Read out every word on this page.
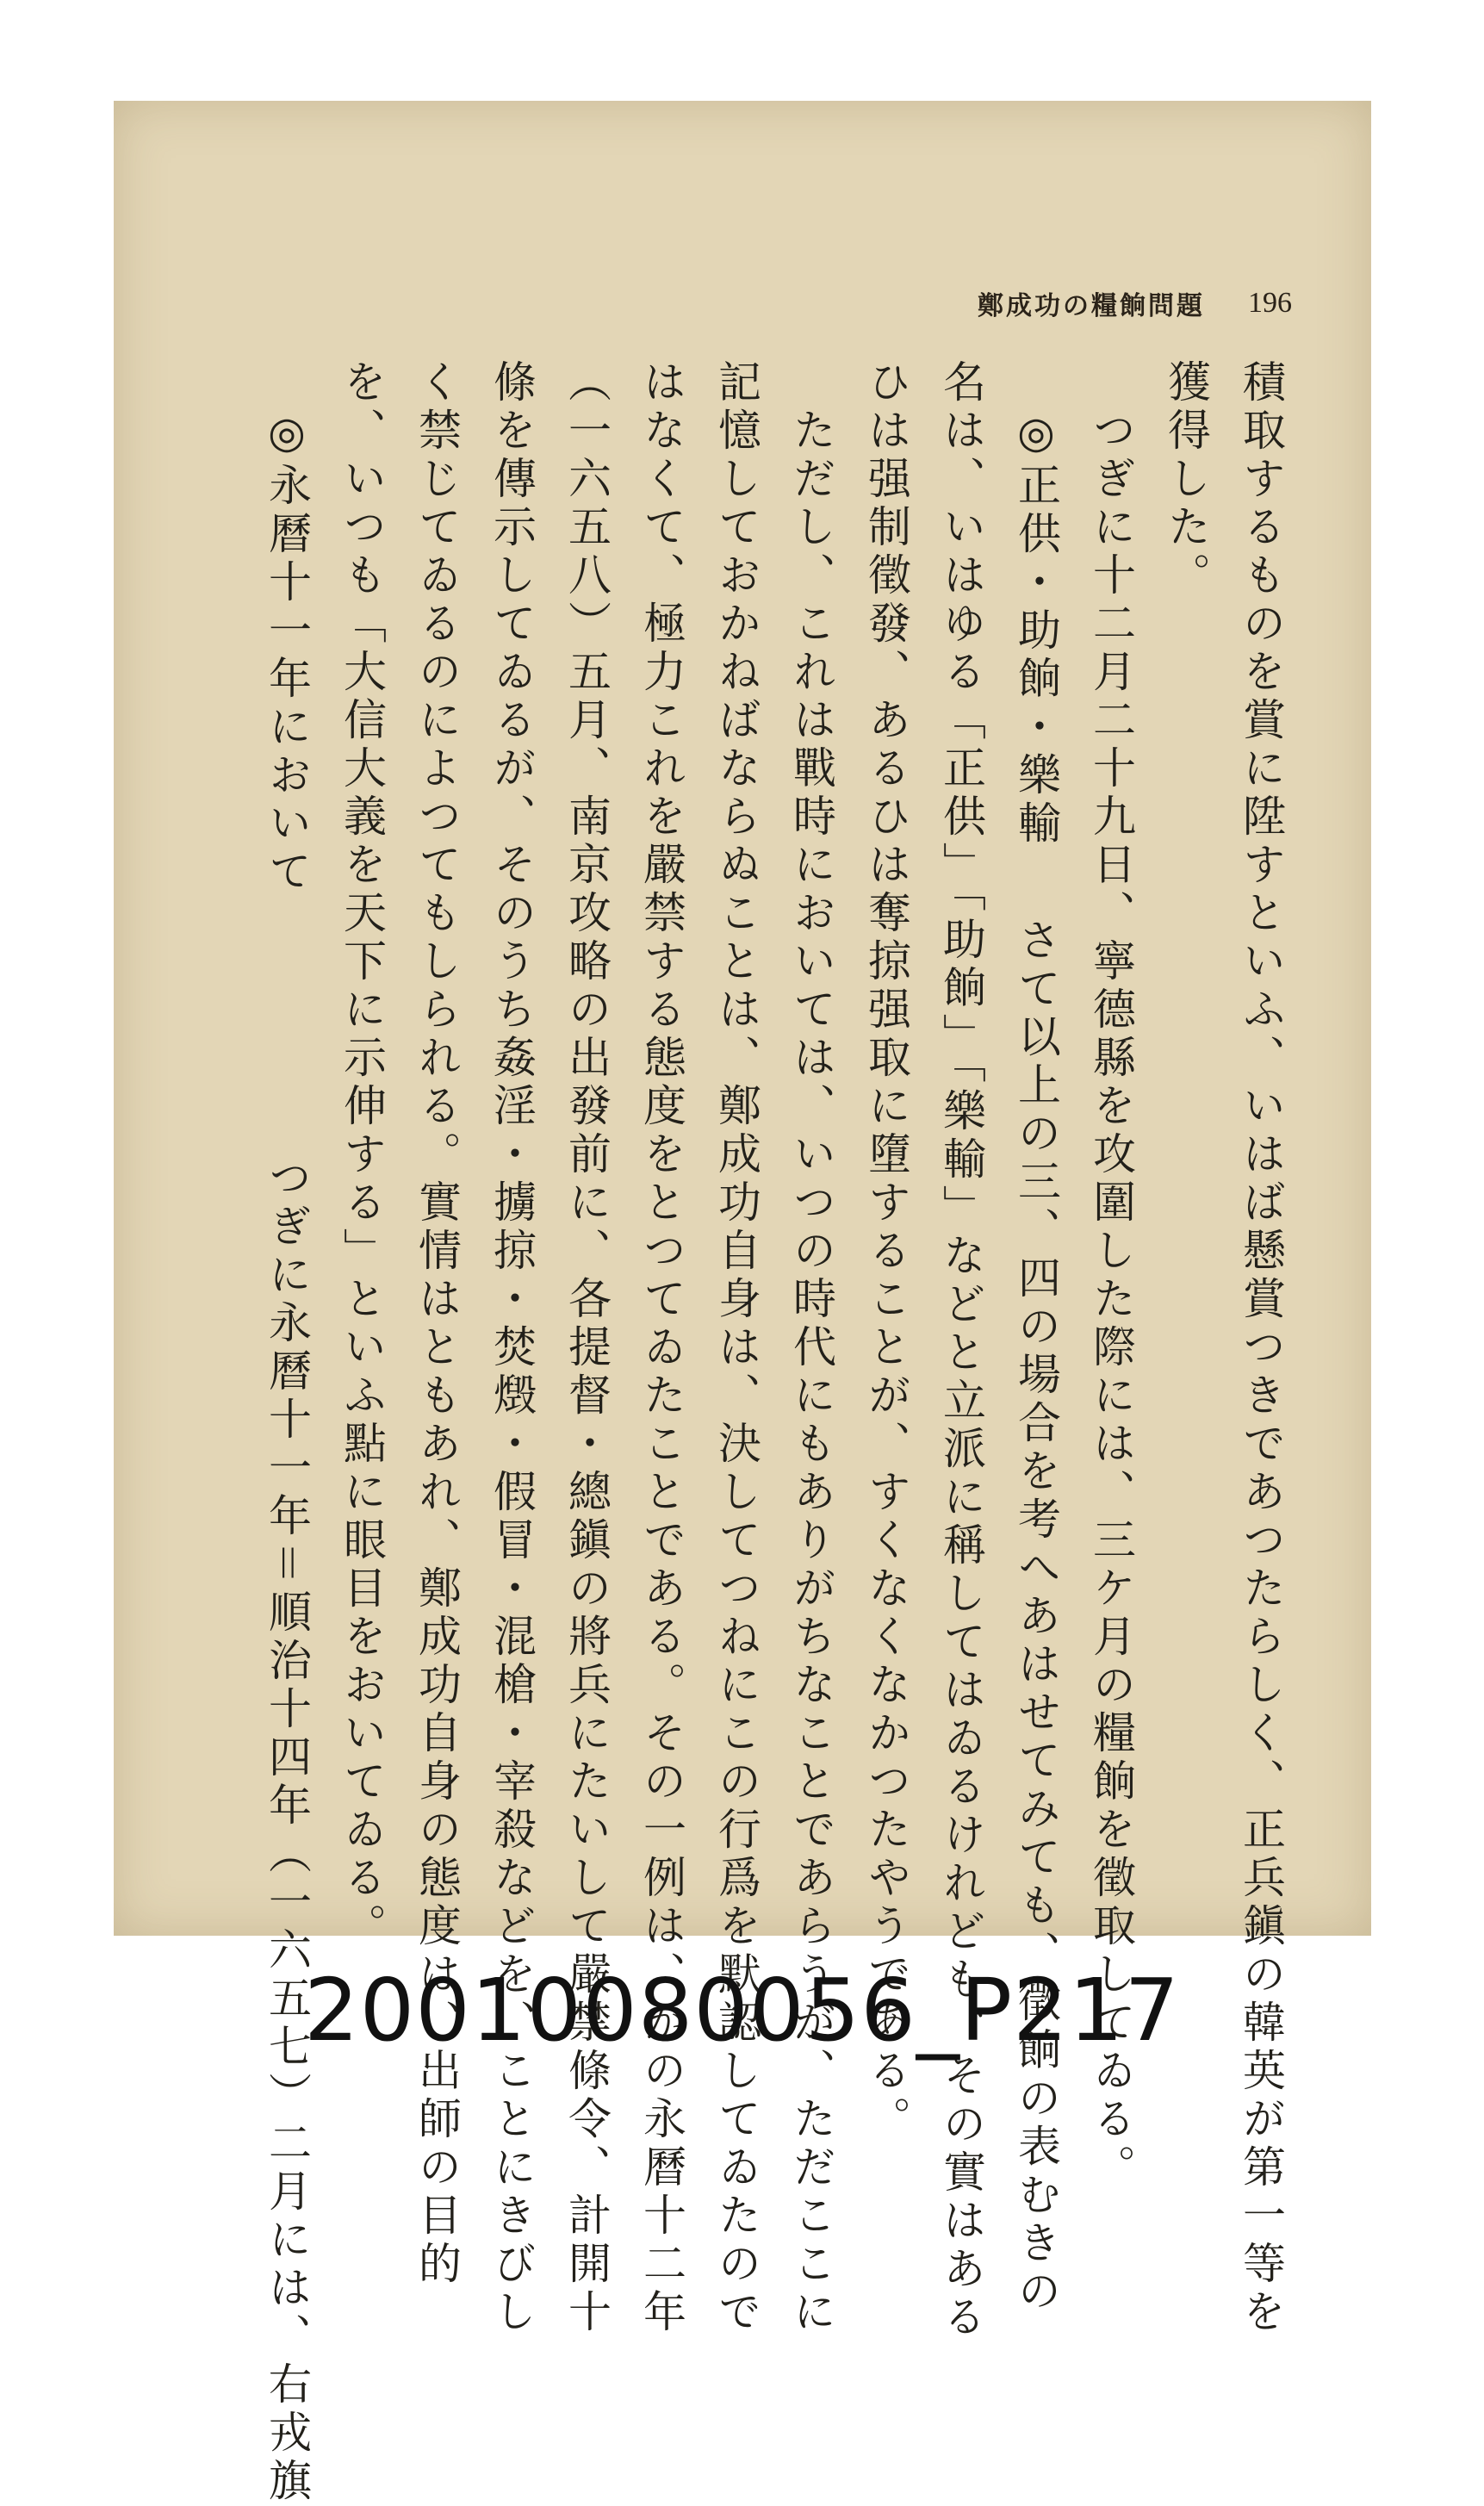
鄭成功の糧餉問題 196
積取するものを賞に陞すといふ、いはば懸賞つきであつたらしく、正兵鎭の韓英が第一等を
獲得した。
　つぎに十二月二十九日、寧德縣を攻圍した際には、三ケ月の糧餉を徵取してゐる。
　◎正供・助餉・樂輸さて以上の三、四の場合を考へあはせてみても、徵餉の表むきの
名は、いはゆる「正供」「助餉」「樂輸」などと立派に稱してはゐるけれども、その實はある
ひは强制徵發、あるひは奪掠强取に墮することが、すくなくなかつたやうである。
　ただし、これは戰時においては、いつの時代にもありがちなことであらうが、ただここに
記憶しておかねばならぬことは、鄭成功自身は、決してつねにこの行爲を默認してゐたので
はなくて、極力これを嚴禁する態度をとつてゐたことである。その一例は、かの永曆十二年
（一六五八）五月、南京攻略の出發前に、各提督・總鎭の將兵にたいして嚴禁條令、計開十
條を傳示してゐるが、そのうち姦淫・擄掠・焚燬・假冒・混槍・宰殺などを、ことにきびし
く禁じてゐるのによつてもしられる。實情はともあれ、鄭成功自身の態度は、出師の目的
を、いつも「大信大義を天下に示伸する」といふ點に眼目をおいてゐる。
　◎永曆十一年においてつぎに永曆十一年＝順治十四年（一六五七）二月には、右戎旗
20010080056_P217
